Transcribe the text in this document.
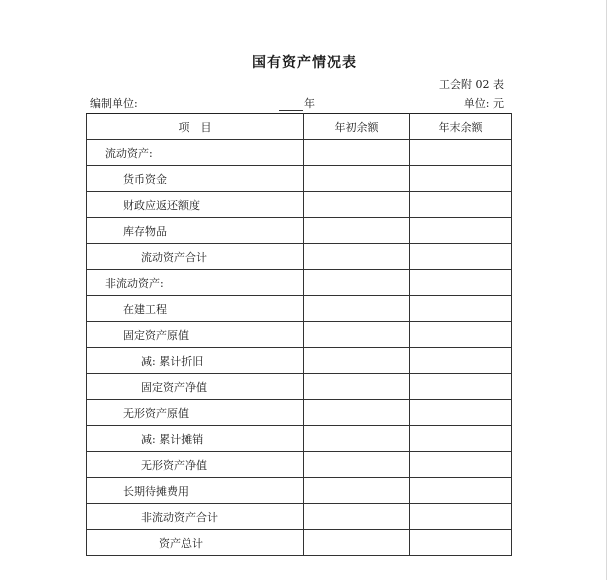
国有资产情况表
工会附 02 表
编制单位:	年	单位: 元
项　目	年初余额	年末余额
流动资产:		
货币资金		
财政应返还额度		
库存物品		
流动资产合计		
非流动资产:		
在建工程		
固定资产原值		
减: 累计折旧		
固定资产净值		
无形资产原值		
减: 累计摊销		
无形资产净值		
长期待摊费用		
非流动资产合计		
资产总计		
